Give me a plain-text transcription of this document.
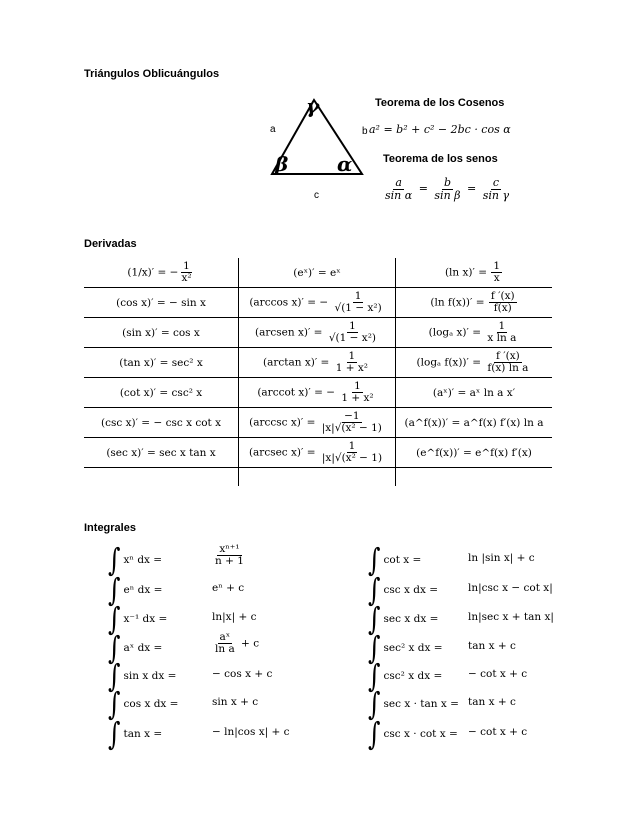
Triángulos Oblicuángulos
γ
β α
a	b
c
Teorema de los Cosenos
a² = b² + c² − 2bc · cos α
Teorema de los senos
$\frac{a}{\text{sin α}} = \frac{b}{\text{sin β}} = \frac{c}{\text{sin γ}}$
Derivadas
(1/x)′ = − $\frac{1}{\text{x²}}$	(eˣ)′ = eˣ	(ln $x)' = \frac{1}{x}$

(cos x)′ = − sin x	(arccos x)′ = − $\frac{1}{\text{√(1 − x²)}}$	(ln $f(x))' = \frac{f '(x)}{f(x)}$

(sin x)′ = cos x	(arcsen $x)' = \frac{1}{\text{√(1 − x²)}}$	(logₐ $x)' = \frac{1}{\text{x ln a}}$

(tan x)′ = sec² x	(arctan $x)' = \frac{1}{\text{1 + x²}}$	(logₐ $f(x))' = \frac{f '(x)}{\text{f(x) ln a}}$

(cot x)′ = csc² x	(arccot x)′ = − $\frac{1}{\text{1 + x²}}$	(aˣ)′ = aˣ ln a x′
(csc x)′ = − csc x cot x	(arccsc $x)' = \frac{-1}{\text{|x|√(x² − 1)}}$	(a^f(x))′ = a^f(x) f′(x) ln a
(sec x)′ = sec x tan x	(arcsec $x)' = \frac{1}{\text{|x|√(x² − 1)}}$	(e^f(x))′ = e^f(x) f′(x)

Integrales
∫ xⁿ dx =	$\frac{\text{xⁿ⁺¹}}{n + 1}$
∫ eⁿ dx =	eⁿ + c
∫ x⁻¹ dx =	ln|x| + c
∫ aˣ dx =	$\frac{\text{aˣ}}{\text{ln a}} + c$
∫ sin x dx =	− cos x + c
∫ cos x dx =	sin x + c
∫ tan x =	− ln|cos x| + c
∫ cot x =	ln |sin x| + c
∫ csc x dx =	ln|csc x − cot x|
∫ sec x dx =	ln|sec x + tan x|
∫ sec² x dx = tan x + c
∫ csc² x dx = − cot x + c
∫ sec x · tan x = tan x + c
∫ csc x · cot x = − cot x + c
